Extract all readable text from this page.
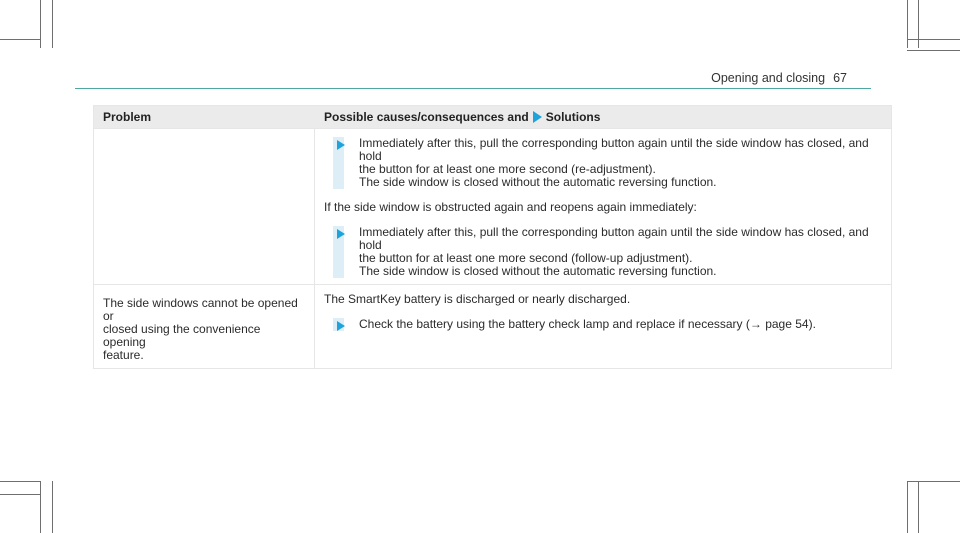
Opening and closing 67
Problem	Possible causes/consequences and Solutions

Immediately after this, pull the corresponding button again until the side window has closed, and hold

the button for at least one more second (re-adjustment).

The side window is closed without the automatic reversing function.

If the side window is obstructed again and reopens again immediately:

Immediately after this, pull the corresponding button again until the side window has closed, and hold

the button for at least one more second (follow-up adjustment).

The side window is closed without the automatic reversing function.

The side windows cannot be opened or

closed using the convenience opening

feature.

The SmartKey battery is discharged or nearly discharged.

Check the battery using the battery check lamp and replace if necessary (→ page 54).
